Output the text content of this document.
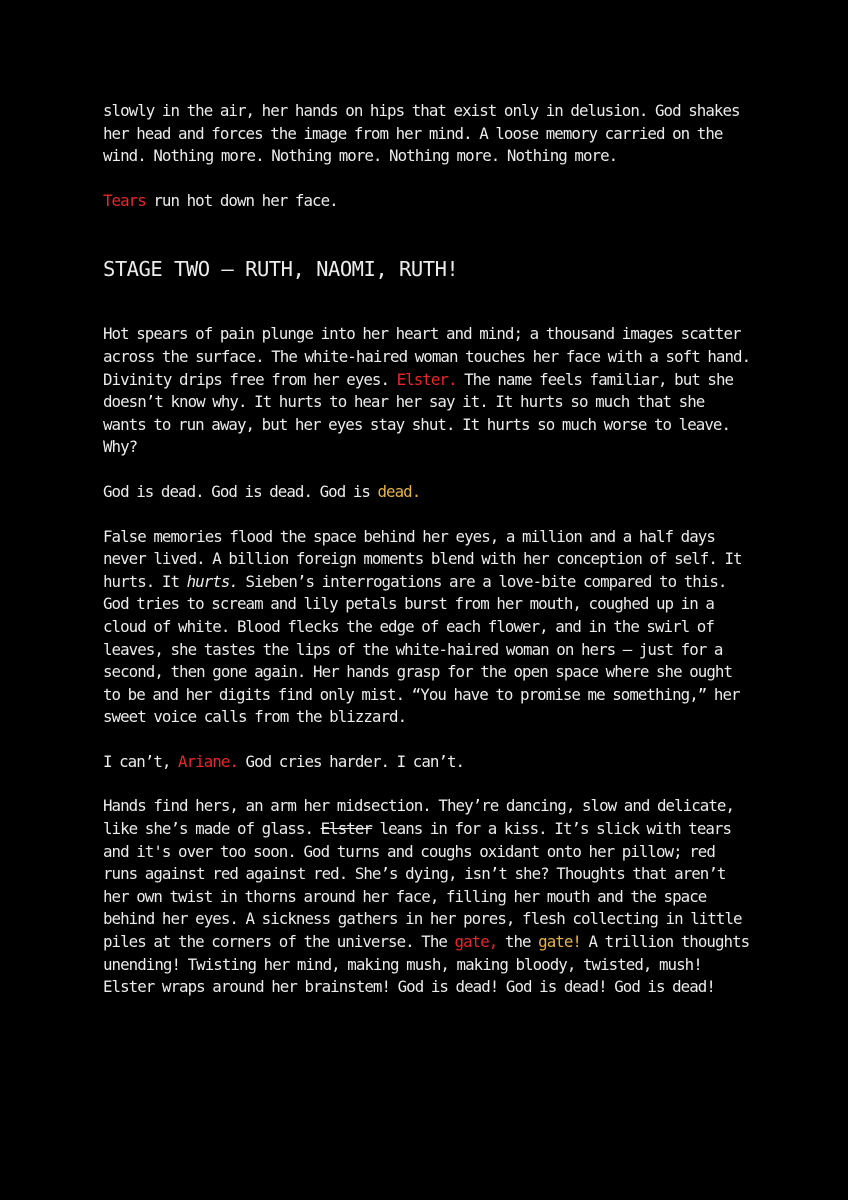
slowly in the air, her hands on hips that exist only in delusion. God shakes her head and forces the image from her mind. A loose memory carried on the wind. Nothing more. Nothing more. Nothing more. Nothing more.

Tears run hot down her face.

STAGE TWO — RUTH, NAOMI, RUTH!

Hot spears of pain plunge into her heart and mind; a thousand images scatter across the surface. The white-haired woman touches her face with a soft hand. Divinity drips free from her eyes. Elster. The name feels familiar, but she doesn’t know why. It hurts to hear her say it. It hurts so much that she wants to run away, but her eyes stay shut. It hurts so much worse to leave. Why?

God is dead. God is dead. God is dead.

False memories flood the space behind her eyes, a million and a half days never lived. A billion foreign moments blend with her conception of self. It hurts. It hurts. Sieben’s interrogations are a love-bite compared to this. God tries to scream and lily petals burst from her mouth, coughed up in a cloud of white. Blood flecks the edge of each flower, and in the swirl of leaves, she tastes the lips of the white-haired woman on hers — just for a second, then gone again. Her hands grasp for the open space where she ought to be and her digits find only mist. “You have to promise me something,” her sweet voice calls from the blizzard.

I can’t, Ariane. God cries harder. I can’t.

Hands find hers, an arm her midsection. They’re dancing, slow and delicate, like she’s made of glass. Elster leans in for a kiss. It’s slick with tears and it's over too soon. God turns and coughs oxidant onto her pillow; red runs against red against red. She’s dying, isn’t she? Thoughts that aren’t her own twist in thorns around her face, filling her mouth and the space behind her eyes. A sickness gathers in her pores, flesh collecting in little piles at the corners of the universe. The gate, the gate! A trillion thoughts unending! Twisting her mind, making mush, making bloody, twisted, mush! Elster wraps around her brainstem! God is dead! God is dead! God is dead!
